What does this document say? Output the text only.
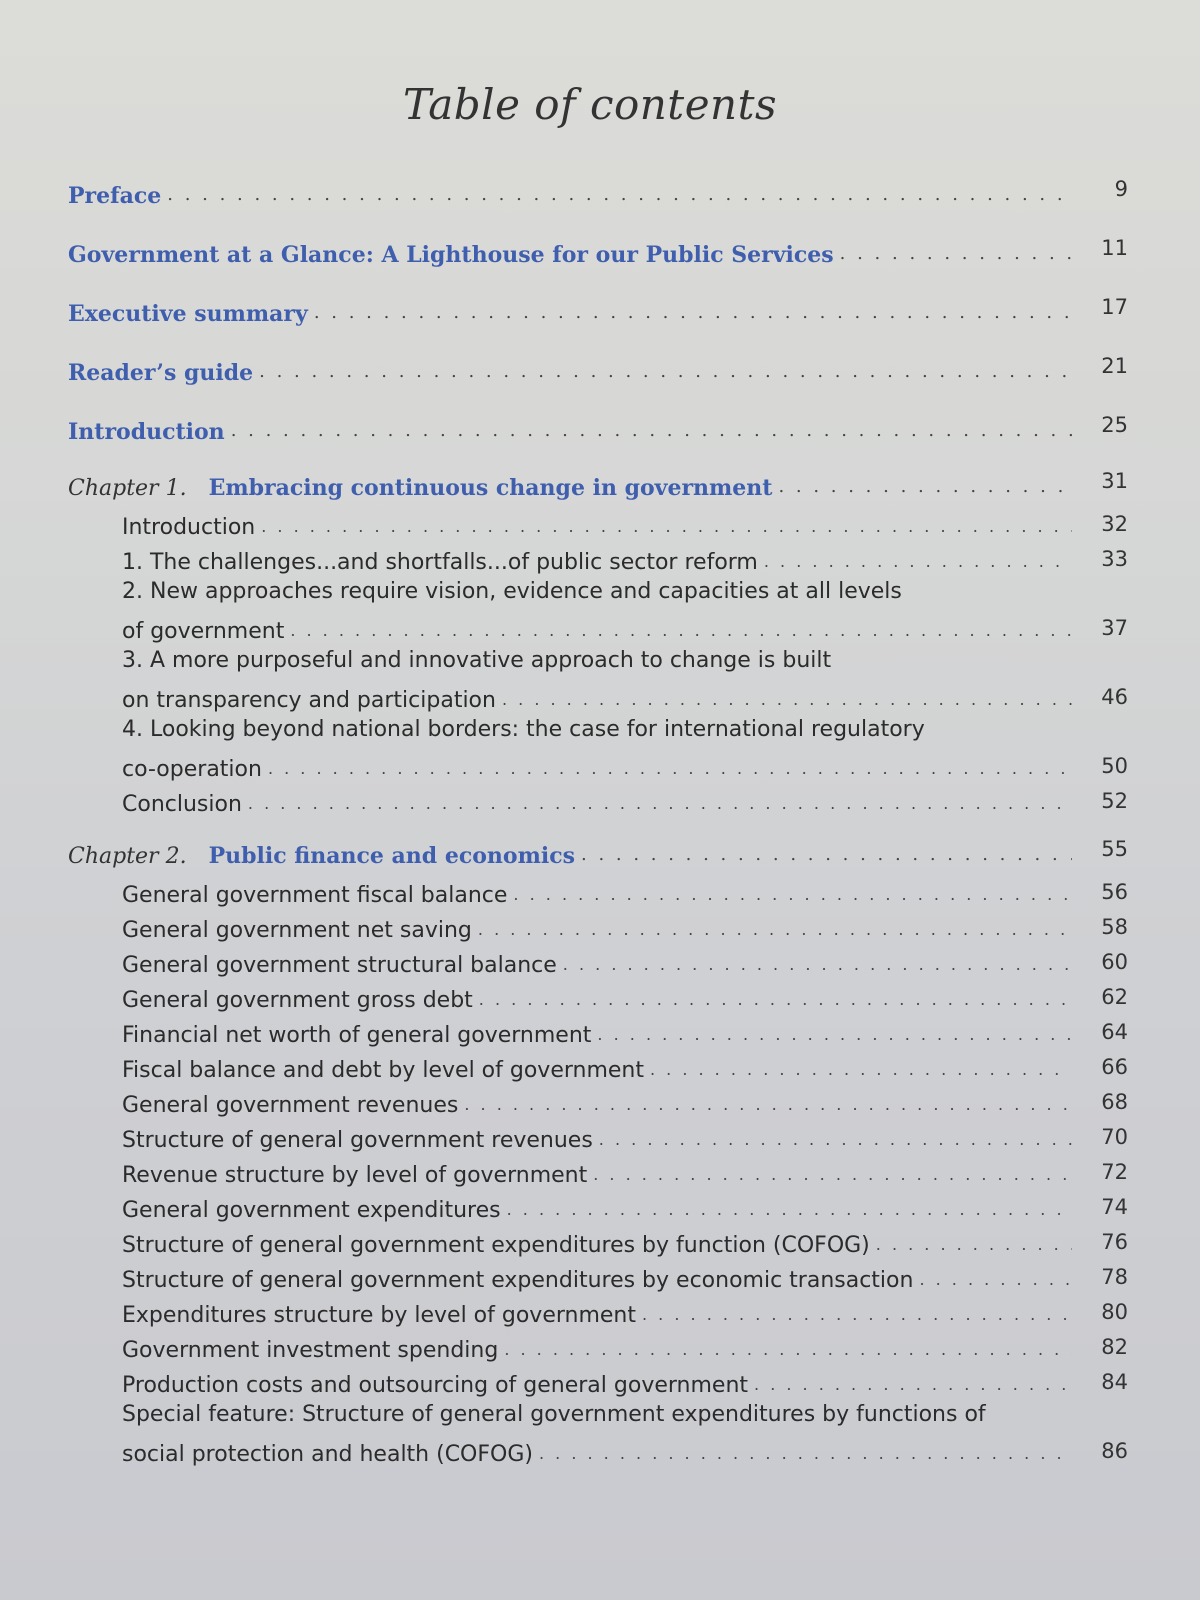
Table of contents
Preface . . .	9
Government at a Glance: A Lighthouse for our Public Services . . .	11
Executive summary . . .	17
Reader’s guide . . .	21
Introduction . . .	25
Chapter 1. Embracing continuous change in government . . .	31
Introduction . . .	32
1. The challenges...and shortfalls...of public sector reform . . .	33
2. New approaches require vision, evidence and capacities at all levels
of government . . .	37
3. A more purposeful and innovative approach to change is built
on transparency and participation . . .	46
4. Looking beyond national borders: the case for international regulatory
co-operation . . .	50
Conclusion . . .	52
Chapter 2. Public finance and economics . . .	55
General government fiscal balance . . .	56
General government net saving . . .	58
General government structural balance . . .	60
General government gross debt . . .	62
Financial net worth of general government . . .	64
Fiscal balance and debt by level of government . . .	66
General government revenues . . .	68
Structure of general government revenues . . .	70
Revenue structure by level of government . . .	72
General government expenditures . . .	74
Structure of general government expenditures by function (COFOG) . . .	76
Structure of general government expenditures by economic transaction . . .	78
Expenditures structure by level of government . . .	80
Government investment spending . . .	82
Production costs and outsourcing of general government . . .	84
Special feature: Structure of general government expenditures by functions of
social protection and health (COFOG) . . .	86
